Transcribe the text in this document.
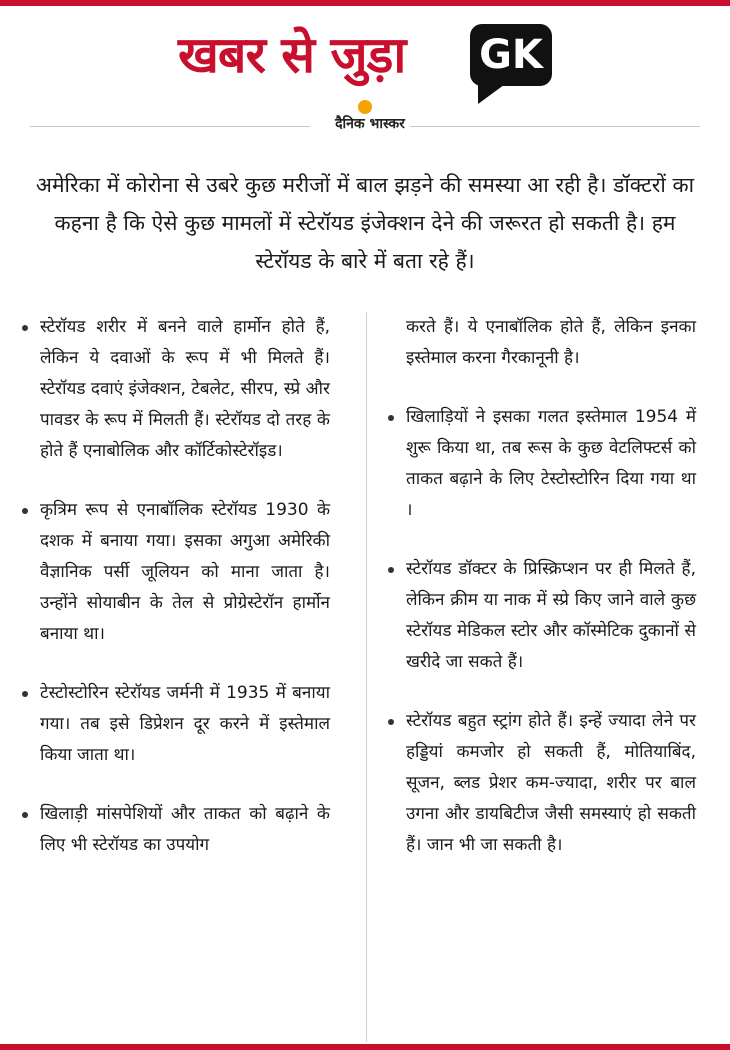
खबर से जुड़ा GK
दैनिक भास्कर
अमेरिका में कोरोना से उबरे कुछ मरीजों में बाल झड़ने की समस्या आ रही है। डॉक्टरों का कहना है कि ऐसे कुछ मामलों में स्टेरॉयड इंजेक्शन देने की जरूरत हो सकती है। हम स्टेरॉयड के बारे में बता रहे हैं।
स्टेरॉयड शरीर में बनने वाले हार्मोन होते हैं, लेकिन ये दवाओं के रूप में भी मिलते हैं। स्टेरॉयड दवाएं इंजेक्शन, टेबलेट, सीरप, स्प्रे और पावडर के रूप में मिलती हैं। स्टेरॉयड दो तरह के होते हैं एनाबोलिक और कॉर्टिकोस्टेरॉइड।
कृत्रिम रूप से एनाबॉलिक स्टेरॉयड 1930 के दशक में बनाया गया। इसका अगुआ अमेरिकी वैज्ञानिक पर्सी जूलियन को माना जाता है। उन्होंने सोयाबीन के तेल से प्रोग्रेस्टेरॉन हार्मोन बनाया था।
टेस्टोस्टोरिन स्टेरॉयड जर्मनी में 1935 में बनाया गया। तब इसे डिप्रेशन दूर करने में इस्तेमाल किया जाता था।
खिलाड़ी मांसपेशियों और ताकत को बढ़ाने के लिए भी स्टेरॉयड का उपयोग
करते हैं। ये एनाबॉलिक होते हैं, लेकिन इनका इस्तेमाल करना गैरकानूनी है।
खिलाड़ियों ने इसका गलत इस्तेमाल 1954 में शुरू किया था, तब रूस के कुछ वेटलिफ्टर्स को ताकत बढ़ाने के लिए टेस्टोस्टोरिन दिया गया था ।
स्टेरॉयड डॉक्टर के प्रिस्क्रिप्शन पर ही मिलते हैं, लेकिन क्रीम या नाक में स्प्रे किए जाने वाले कुछ स्टेरॉयड मेडिकल स्टोर और कॉस्मेटिक दुकानों से खरीदे जा सकते हैं।
स्टेरॉयड बहुत स्ट्रांग होते हैं। इन्हें ज्यादा लेने पर हड्डियां कमजोर हो सकती हैं, मोतियाबिंद, सूजन, ब्लड प्रेशर कम-ज्यादा, शरीर पर बाल उगना और डायबिटीज जैसी समस्याएं हो सकती हैं। जान भी जा सकती है।
